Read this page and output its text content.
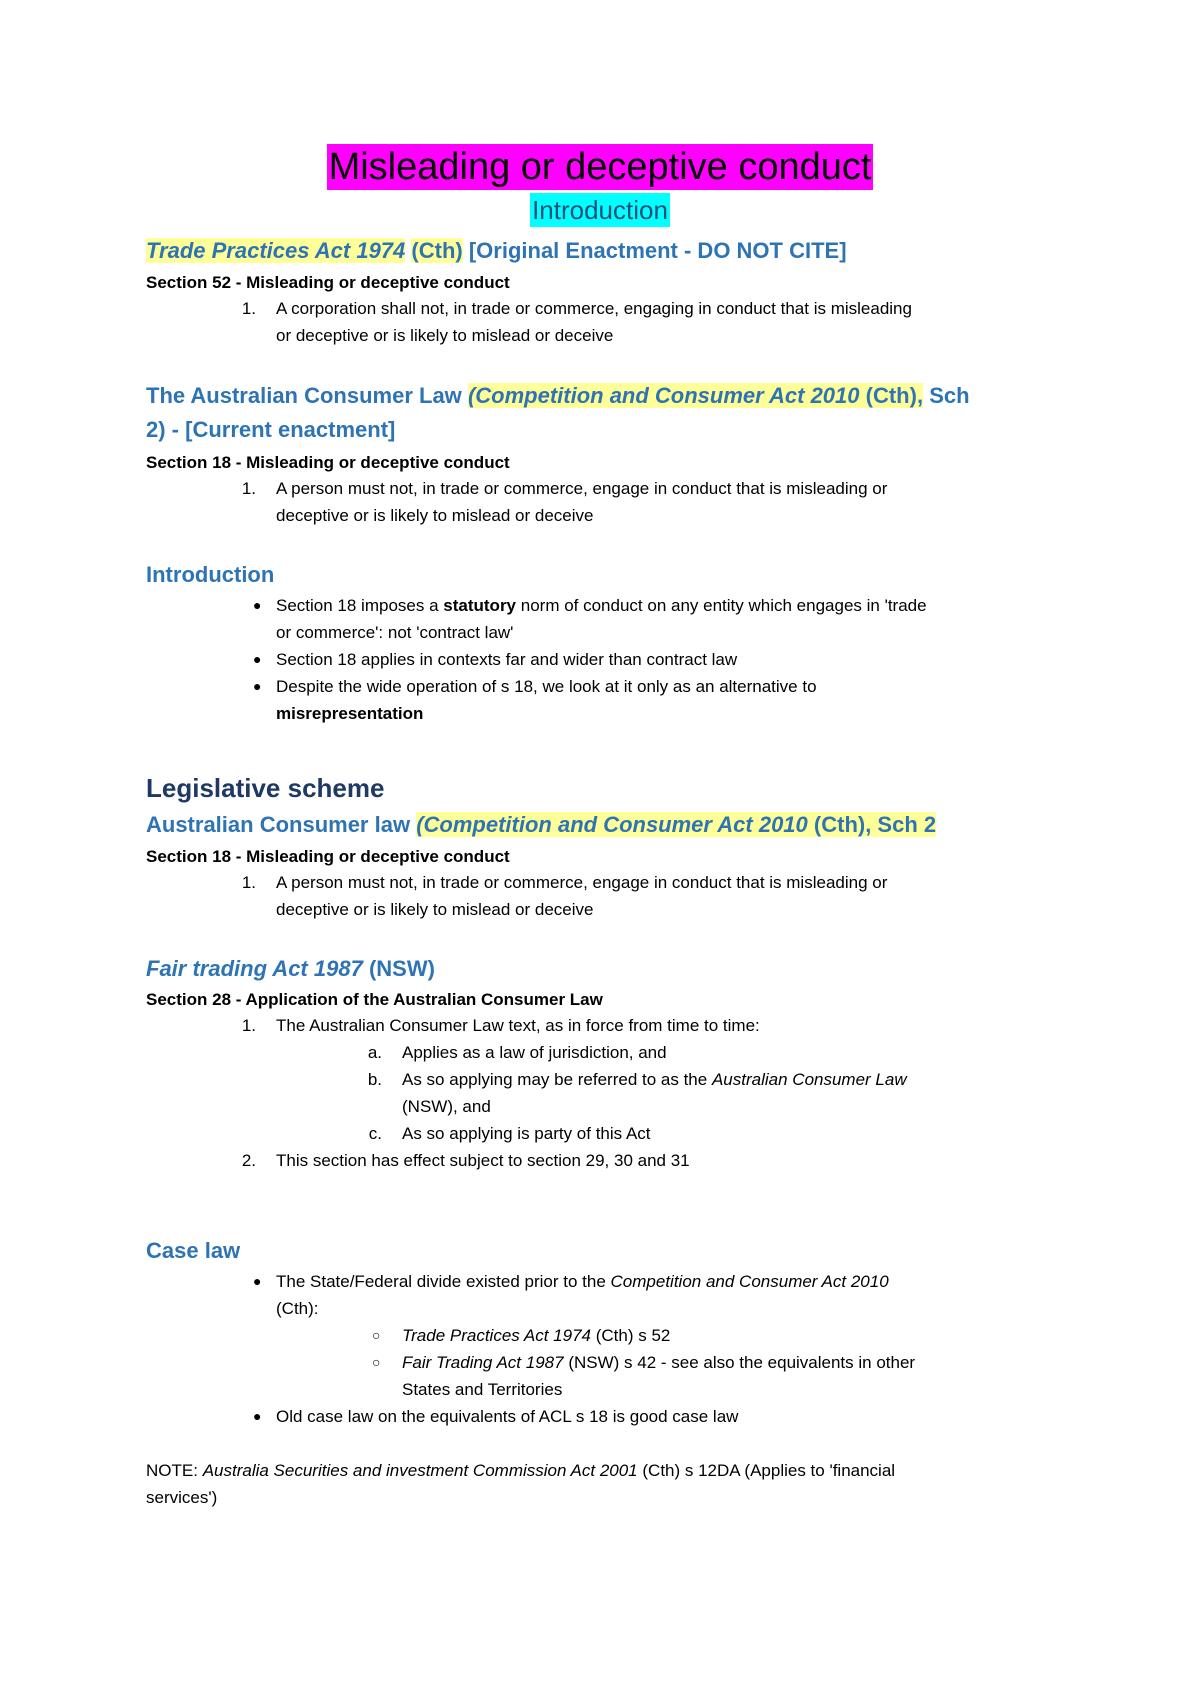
Misleading or deceptive conduct
Introduction
Trade Practices Act 1974 (Cth) [Original Enactment - DO NOT CITE]
Section 52 - Misleading or deceptive conduct
1. A corporation shall not, in trade or commerce, engaging in conduct that is misleading
or deceptive or is likely to mislead or deceive
The Australian Consumer Law (Competition and Consumer Act 2010 (Cth), Sch
2) - [Current enactment]
Section 18 - Misleading or deceptive conduct
1. A person must not, in trade or commerce, engage in conduct that is misleading or
deceptive or is likely to mislead or deceive
Introduction
● Section 18 imposes a statutory norm of conduct on any entity which engages in 'trade
or commerce': not 'contract law'
● Section 18 applies in contexts far and wider than contract law
● Despite the wide operation of s 18, we look at it only as an alternative to
misrepresentation
Legislative scheme
Australian Consumer law (Competition and Consumer Act 2010 (Cth), Sch 2
Section 18 - Misleading or deceptive conduct
1. A person must not, in trade or commerce, engage in conduct that is misleading or
deceptive or is likely to mislead or deceive
Fair trading Act 1987 (NSW)
Section 28 - Application of the Australian Consumer Law
1. The Australian Consumer Law text, as in force from time to time:
a. Applies as a law of jurisdiction, and
b. As so applying may be referred to as the Australian Consumer Law
(NSW), and
c. As so applying is party of this Act
2. This section has effect subject to section 29, 30 and 31
Case law
● The State/Federal divide existed prior to the Competition and Consumer Act 2010
(Cth):
○ Trade Practices Act 1974 (Cth) s 52
○ Fair Trading Act 1987 (NSW) s 42 - see also the equivalents in other
States and Territories
● Old case law on the equivalents of ACL s 18 is good case law
NOTE: Australia Securities and investment Commission Act 2001 (Cth) s 12DA (Applies to 'financial
services')
